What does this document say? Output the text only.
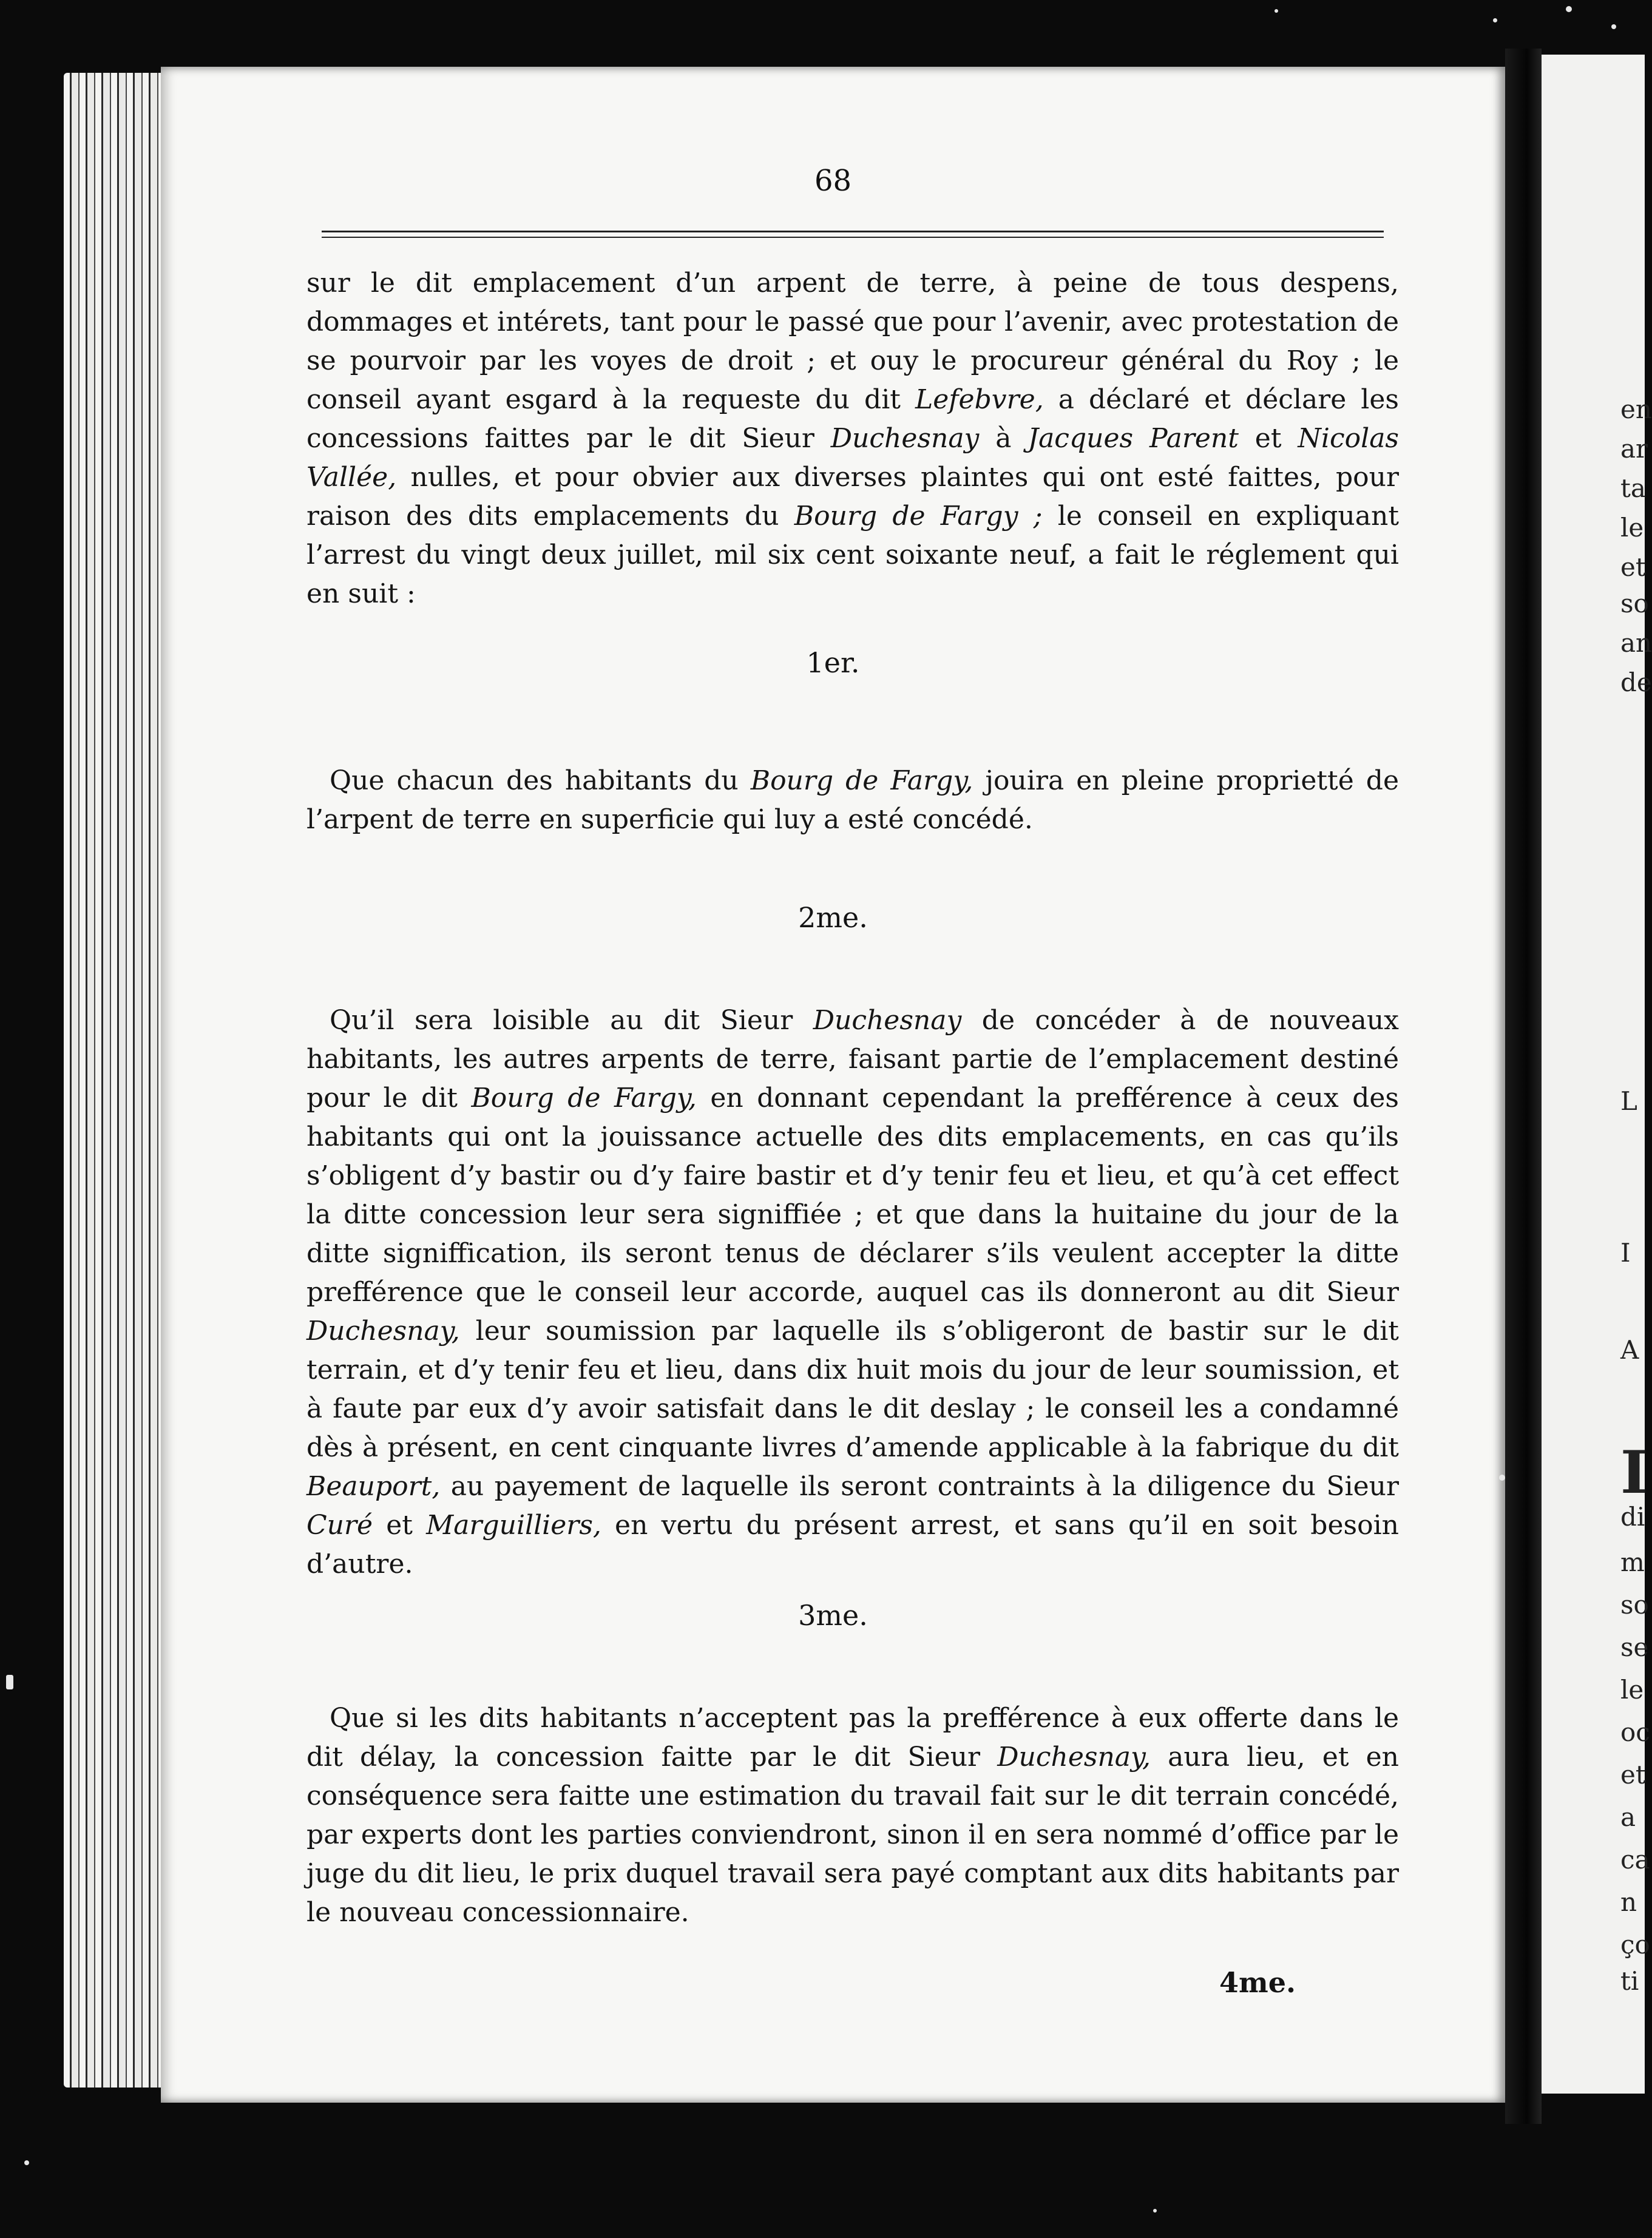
68

sur le dit emplacement d’un arpent de terre, à peine de tous despens, dommages et intérets, tant pour le passé que pour l’avenir, avec protestation de se pourvoir par les voyes de droit ; et ouy le procureur général du Roy ; le conseil ayant esgard à la requeste du dit Lefebvre, a déclaré et déclare les concessions faittes par le dit Sieur Duchesnay à Jacques Parent et Nicolas Vallée, nulles, et pour obvier aux diverses plaintes qui ont esté faittes, pour raison des dits emplacements du Bourg de Fargy ; le conseil en expliquant l’arrest du vingt deux juillet, mil six cent soixante neuf, a fait le réglement qui en suit :

1er.

Que chacun des habitants du Bourg de Fargy, jouira en pleine proprietté de l’arpent de terre en superficie qui luy a esté concédé.

2me.

Qu’il sera loisible au dit Sieur Duchesnay de concéder à de nouveaux habitants, les autres arpents de terre, faisant partie de l’emplacement destiné pour le dit Bourg de Fargy, en donnant cependant la prefférence à ceux des habitants qui ont la jouissance actuelle des dits emplacements, en cas qu’ils s’obligent d’y bastir ou d’y faire bastir et d’y tenir feu et lieu, et qu’à cet effect la ditte concession leur sera signiffiée ; et que dans la huitaine du jour de la ditte signiffication, ils seront tenus de déclarer s’ils veulent accepter la ditte prefférence que le conseil leur accorde, auquel cas ils donneront au dit Sieur Duchesnay, leur soumission par laquelle ils s’obligeront de bastir sur le dit terrain, et d’y tenir feu et lieu, dans dix huit mois du jour de leur soumission, et à faute par eux d’y avoir satisfait dans le dit deslay ; le conseil les a condamné dès à présent, en cent cinquante livres d’amende applicable à la fabrique du dit Beauport, au payement de laquelle ils seront contraints à la diligence du Sieur Curé et Marguilliers, en vertu du présent arrest, et sans qu’il en soit besoin d’autre.

3me.

Que si les dits habitants n’acceptent pas la prefférence à eux offerte dans le dit délay, la concession faitte par le dit Sieur Duchesnay, aura lieu, et en conséquence sera faitte une estimation du travail fait sur le dit terrain concédé, par experts dont les parties conviendront, sinon il en sera nommé d’office par le juge du dit lieu, le prix duquel travail sera payé comptant aux dits habitants par le nouveau concessionnaire.

4me.
en
ar
ta
le
et
so
an
de
L
I
A
I
di
m
so
se
le
oc
et
a
ca
n
ço
ti
